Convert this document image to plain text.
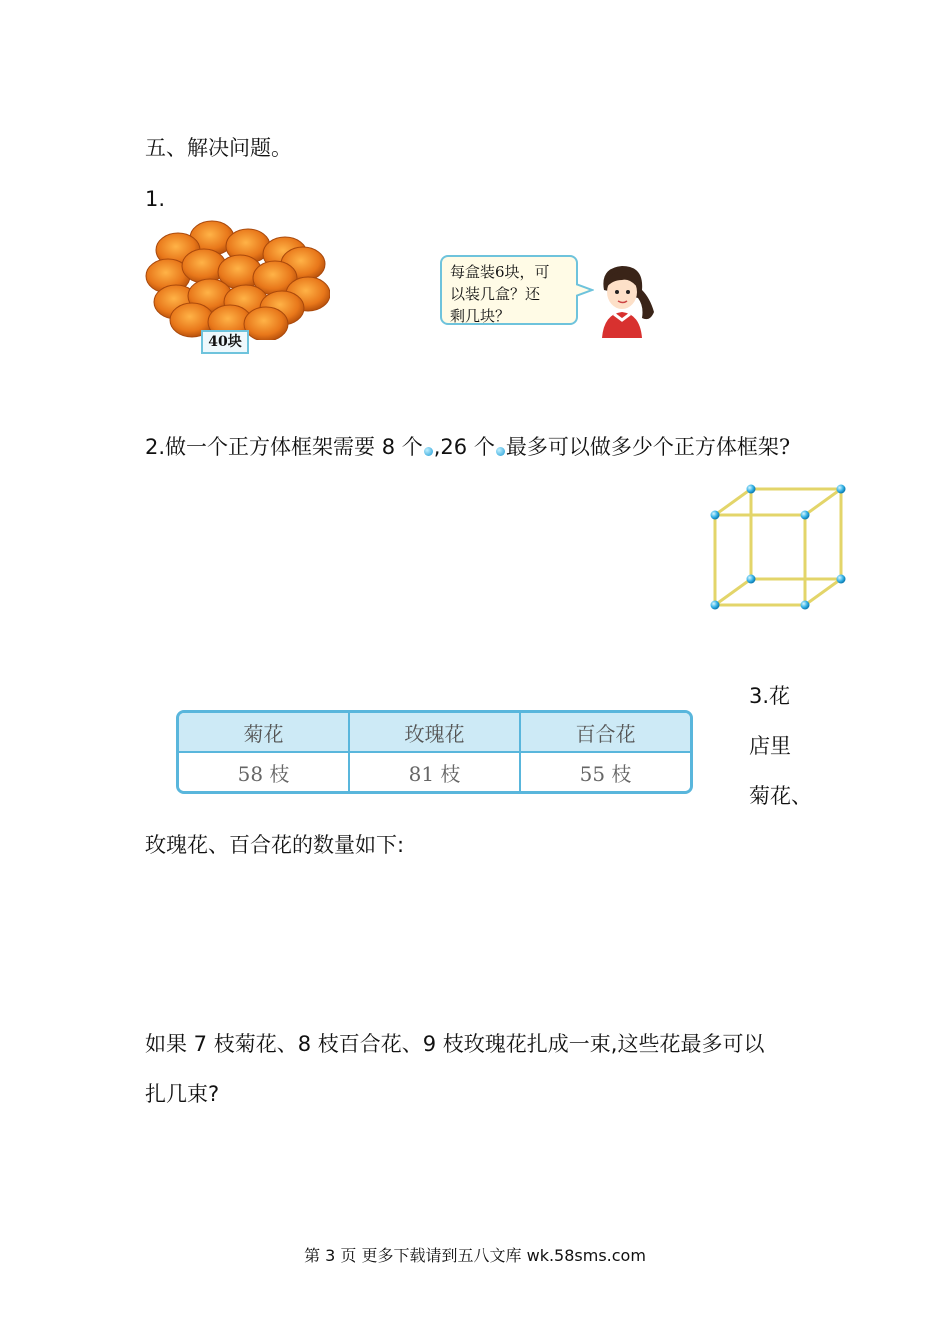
五、解决问题。
1.
40块
每盒装6块，可
以装几盒？还
剩几块？
2.做一个正方体框架需要 8 个 ,26 个 最多可以做多少个正方体框架?
菊花	玫瑰花	百合花
58 枝	81 枝	55 枝
3.花
店里
菊花、
玫瑰花、百合花的数量如下:
如果 7 枝菊花、8 枝百合花、9 枝玫瑰花扎成一束,这些花最多可以
扎几束?
第 3 页 更多下载请到五八文库 wk.58sms.com
